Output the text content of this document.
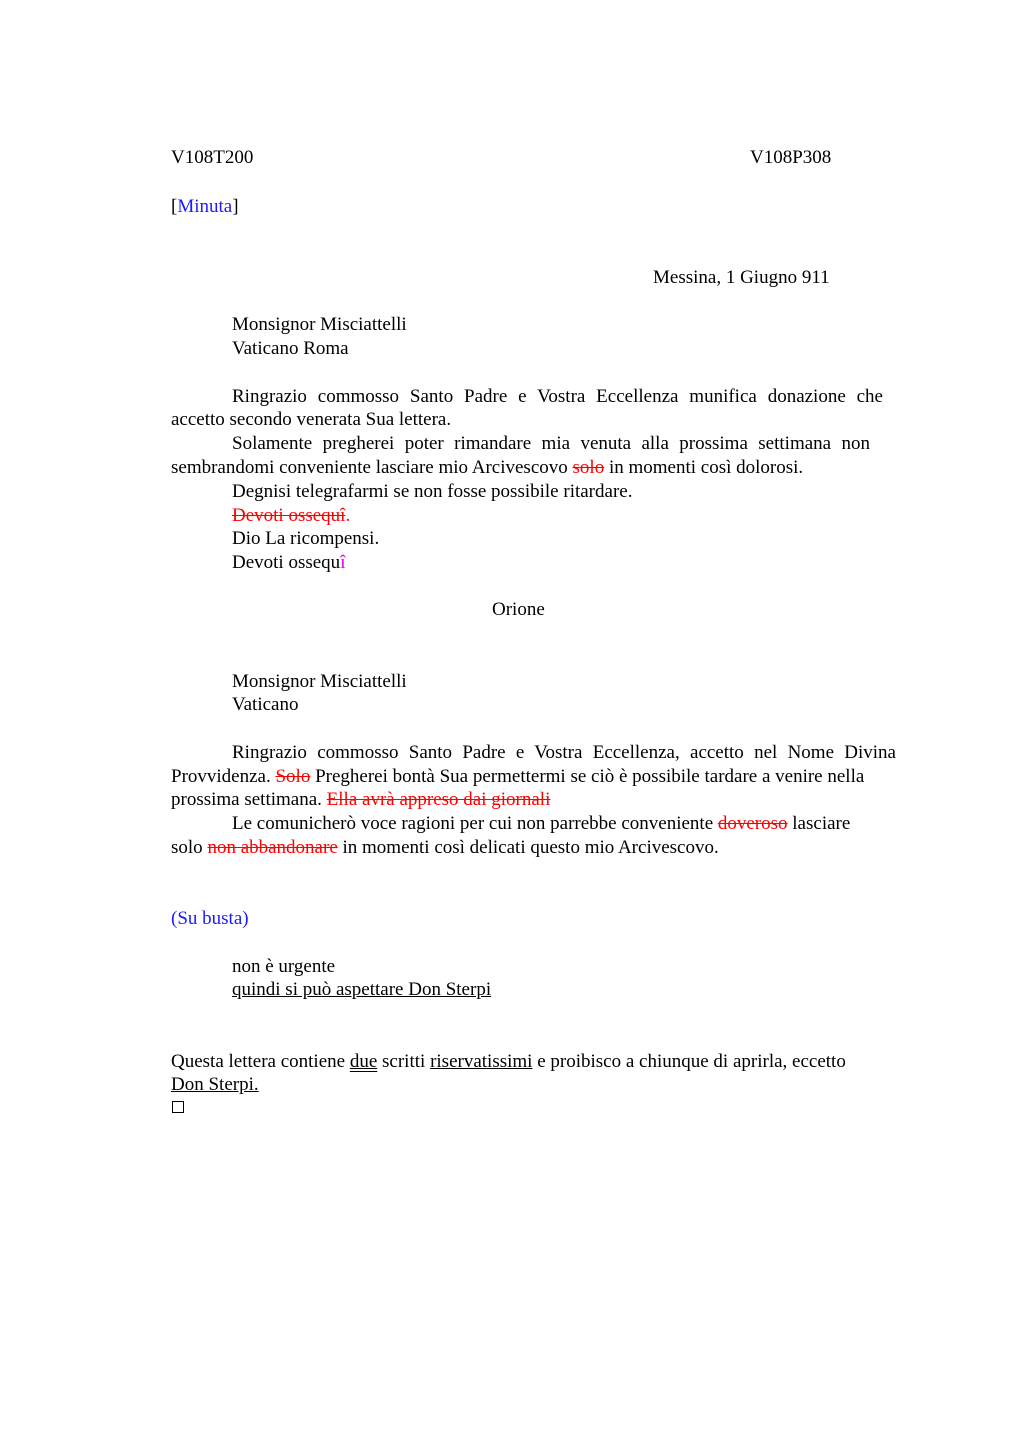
V108T200	V108P308
[Minuta]
Messina, 1 Giugno 911
Monsignor Misciattelli
Vaticano Roma
Ringrazio commosso Santo Padre e Vostra Eccellenza munifica donazione che
accetto secondo venerata Sua lettera.
Solamente pregherei poter rimandare mia venuta alla prossima settimana non
sembrandomi conveniente lasciare mio Arcivescovo solo in momenti così dolorosi.
Degnisi telegrafarmi se non fosse possibile ritardare.
Devoti ossequî.
Dio La ricompensi.
Devoti ossequî
Orione
Monsignor Misciattelli
Vaticano
Ringrazio commosso Santo Padre e Vostra Eccellenza, accetto nel Nome Divina
Provvidenza. Solo Pregherei bontà Sua permettermi se ciò è possibile tardare a venire nella
prossima settimana. Ella avrà appreso dai giornali
Le comunicherò voce ragioni per cui non parrebbe conveniente doveroso lasciare
solo non abbandonare in momenti così delicati questo mio Arcivescovo.
(Su busta)
non è urgente
quindi si può aspettare Don Sterpi
Questa lettera contiene due scritti riservatissimi e proibisco a chiunque di aprirla, eccetto
Don Sterpi.
